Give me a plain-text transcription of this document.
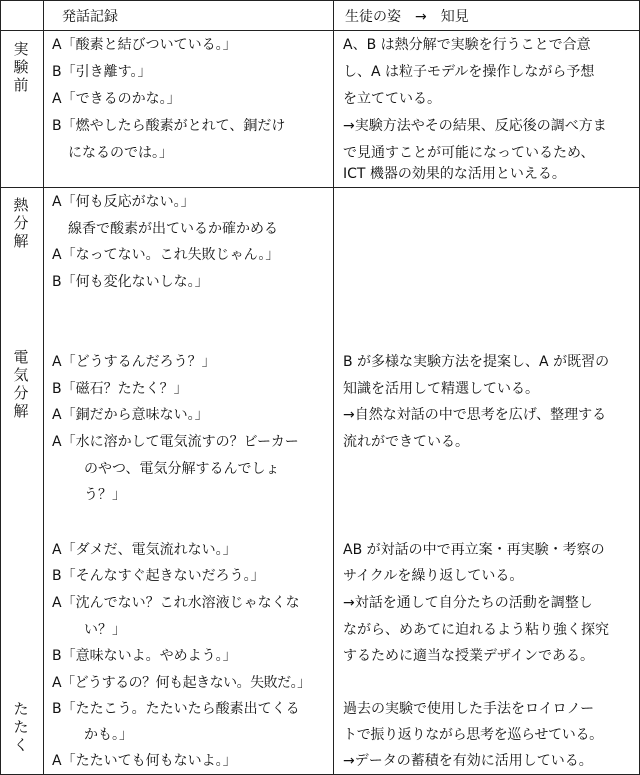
発話記録	生徒の姿　→　知見
実
験
前
熱
分
解
電
気
分
解
た
た
く
A「酸素と結びついている。」
B「引き離す。」
A「できるのかな。」
B「燃やしたら酸素がとれて、銅だけ
になるのでは。」
A、B は熱分解で実験を行うことで合意
し、A は粒子モデルを操作しながら予想
を立てている。
→実験方法やその結果、反応後の調べ方ま
で見通すことが可能になっているため、
ICT 機器の効果的な活用といえる。
A「何も反応がない。」
線香で酸素が出ているか確かめる
A「なってない。これ失敗じゃん。」
B「何も変化ないしな。」
A「どうするんだろう？」
B「磁石？たたく？」
A「銅だから意味ない。」
A「水に溶かして電気流すの？ビーカー
のやつ、電気分解するんでしょ
う？」
B が多様な実験方法を提案し、A が既習の
知識を活用して精選している。
→自然な対話の中で思考を広げ、整理する
流れができている。
A「ダメだ、電気流れない。」
B「そんなすぐ起きないだろう。」
A「沈んでない？これ水溶液じゃなくな
い？」
B「意味ないよ。やめよう。」
A「どうするの？何も起きない。失敗だ。」
AB が対話の中で再立案・再実験・考察の
サイクルを繰り返している。
→対話を通して自分たちの活動を調整し
ながら、めあてに迫れるよう粘り強く探究
するために適当な授業デザインである。
B「たたこう。たたいたら酸素出てくる
かも。」
A「たたいても何もないよ。」
過去の実験で使用した手法をロイロノー
トで振り返りながら思考を巡らせている。
→データの蓄積を有効に活用している。
